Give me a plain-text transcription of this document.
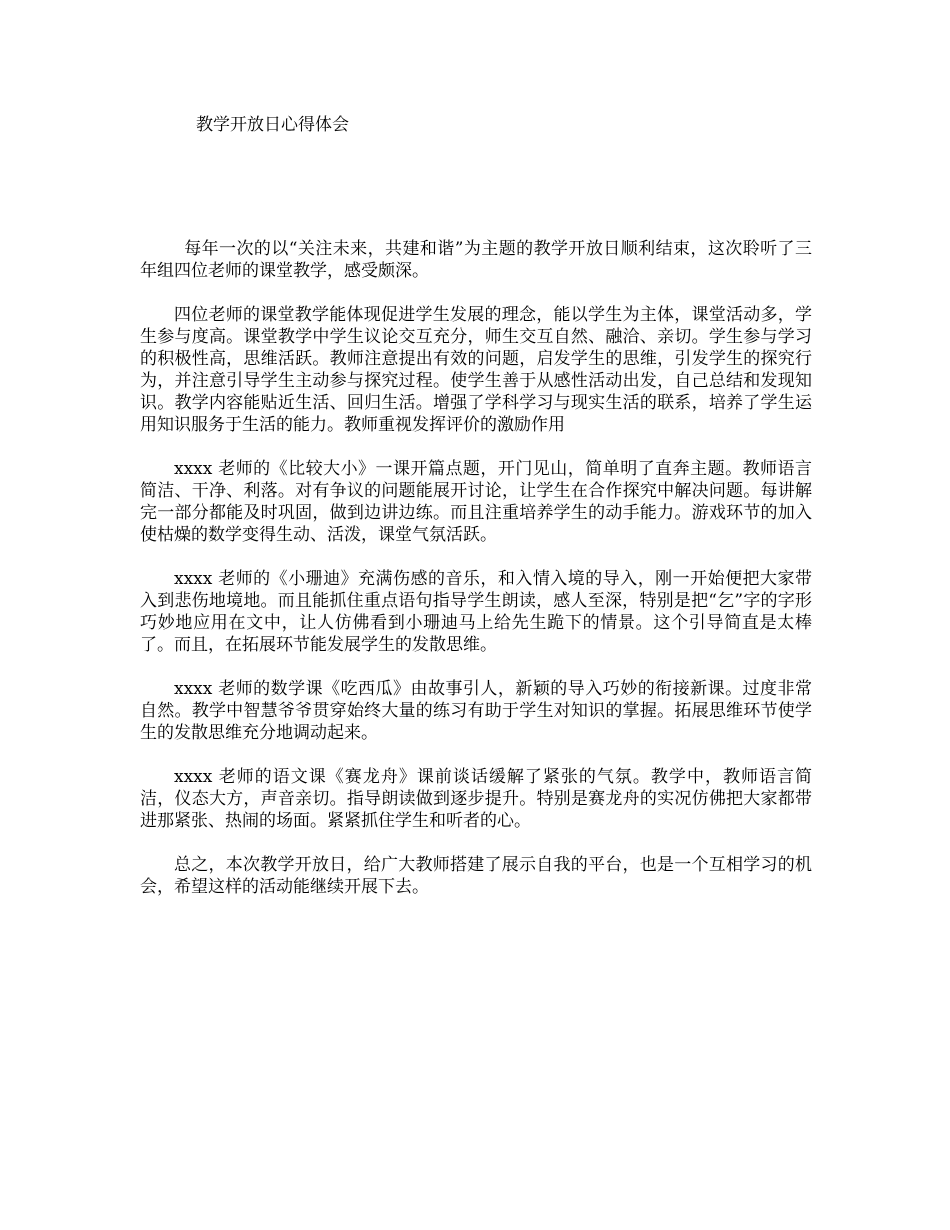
教学开放日心得体会

每年一次的以“关注未来，共建和谐”为主题的教学开放日顺利结束，这次聆听了三年组四位老师的课堂教学，感受颇深。

四位老师的课堂教学能体现促进学生发展的理念，能以学生为主体，课堂活动多，学生参与度高。课堂教学中学生议论交互充分，师生交互自然、融洽、亲切。学生参与学习的积极性高，思维活跃。教师注意提出有效的问题，启发学生的思维，引发学生的探究行为，并注意引导学生主动参与探究过程。使学生善于从感性活动出发，自己总结和发现知识。教学内容能贴近生活、回归生活。增强了学科学习与现实生活的联系，培养了学生运用知识服务于生活的能力。教师重视发挥评价的激励作用

xxxx 老师的《比较大小》一课开篇点题，开门见山，简单明了直奔主题。教师语言简洁、干净、利落。对有争议的问题能展开讨论，让学生在合作探究中解决问题。每讲解完一部分都能及时巩固，做到边讲边练。而且注重培养学生的动手能力。游戏环节的加入使枯燥的数学变得生动、活泼，课堂气氛活跃。

xxxx 老师的《小珊迪》充满伤感的音乐，和入情入境的导入，刚一开始便把大家带入到悲伤地境地。而且能抓住重点语句指导学生朗读，感人至深，特别是把“乞”字的字形巧妙地应用在文中，让人仿佛看到小珊迪马上给先生跪下的情景。这个引导简直是太棒了。而且，在拓展环节能发展学生的发散思维。

xxxx 老师的数学课《吃西瓜》由故事引人，新颖的导入巧妙的衔接新课。过度非常自然。教学中智慧爷爷贯穿始终大量的练习有助于学生对知识的掌握。拓展思维环节使学生的发散思维充分地调动起来。

xxxx 老师的语文课《赛龙舟》课前谈话缓解了紧张的气氛。教学中，教师语言简洁，仪态大方，声音亲切。指导朗读做到逐步提升。特别是赛龙舟的实况仿佛把大家都带进那紧张、热闹的场面。紧紧抓住学生和听者的心。

总之，本次教学开放日，给广大教师搭建了展示自我的平台，也是一个互相学习的机会，希望这样的活动能继续开展下去。
